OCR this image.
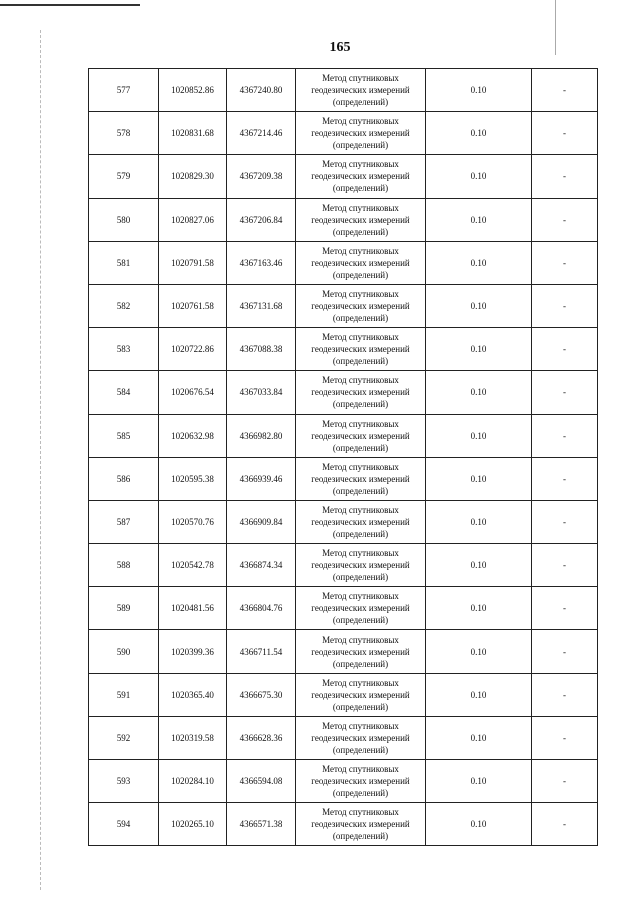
165
577	1020852.86	4367240.80	Метод спутниковых
геодезических измерений
(определений)	0.10	-
578	1020831.68	4367214.46	Метод спутниковых
геодезических измерений
(определений)	0.10	-
579	1020829.30	4367209.38	Метод спутниковых
геодезических измерений
(определений)	0.10	-
580	1020827.06	4367206.84	Метод спутниковых
геодезических измерений
(определений)	0.10	-
581	1020791.58	4367163.46	Метод спутниковых
геодезических измерений
(определений)	0.10	-
582	1020761.58	4367131.68	Метод спутниковых
геодезических измерений
(определений)	0.10	-
583	1020722.86	4367088.38	Метод спутниковых
геодезических измерений
(определений)	0.10	-
584	1020676.54	4367033.84	Метод спутниковых
геодезических измерений
(определений)	0.10	-
585	1020632.98	4366982.80	Метод спутниковых
геодезических измерений
(определений)	0.10	-
586	1020595.38	4366939.46	Метод спутниковых
геодезических измерений
(определений)	0.10	-
587	1020570.76	4366909.84	Метод спутниковых
геодезических измерений
(определений)	0.10	-
588	1020542.78	4366874.34	Метод спутниковых
геодезических измерений
(определений)	0.10	-
589	1020481.56	4366804.76	Метод спутниковых
геодезических измерений
(определений)	0.10	-
590	1020399.36	4366711.54	Метод спутниковых
геодезических измерений
(определений)	0.10	-
591	1020365.40	4366675.30	Метод спутниковых
геодезических измерений
(определений)	0.10	-
592	1020319.58	4366628.36	Метод спутниковых
геодезических измерений
(определений)	0.10	-
593	1020284.10	4366594.08	Метод спутниковых
геодезических измерений
(определений)	0.10	-
594	1020265.10	4366571.38	Метод спутниковых
геодезических измерений
(определений)	0.10	-
